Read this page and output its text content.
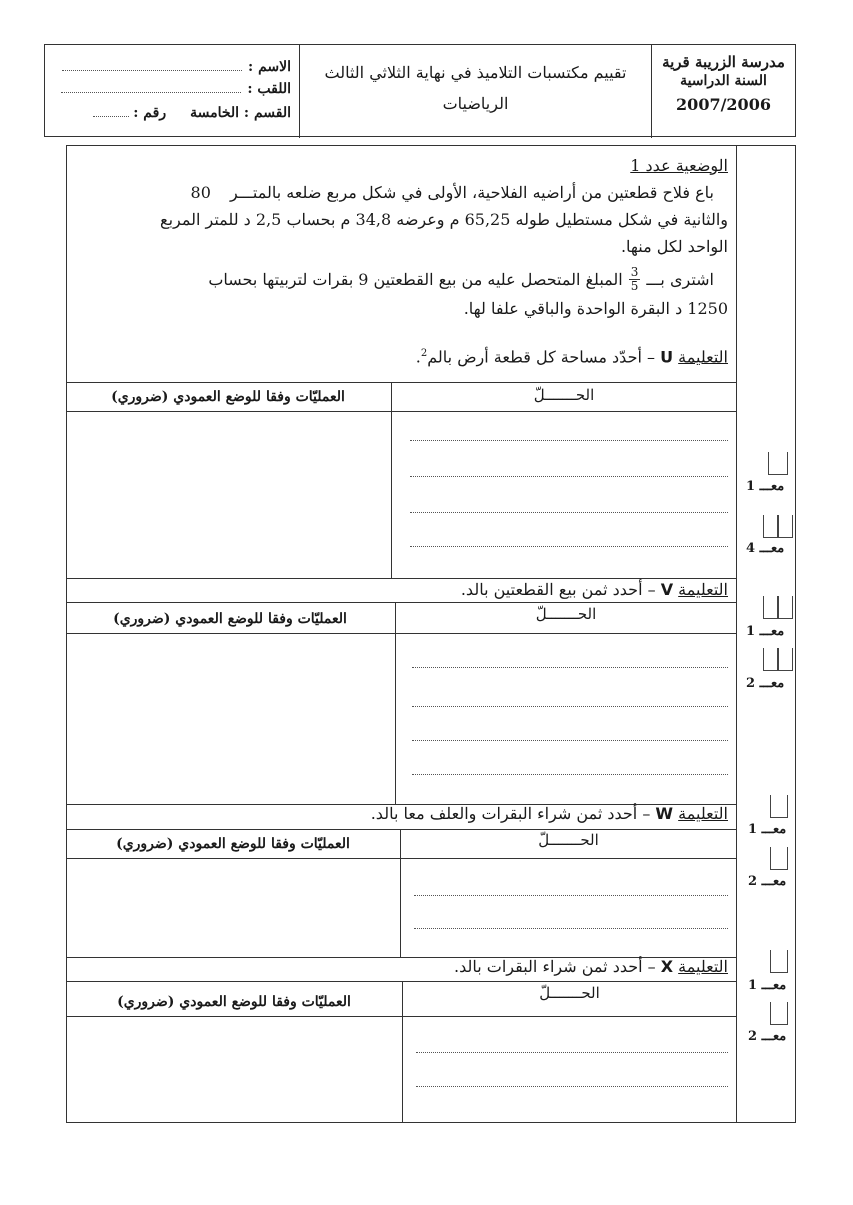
مدرسة الزريبة قرية
السنة الدراسية
2007/2006
تقييم مكتسبات التلاميذ في نهاية الثلاثي الثالث
الرياضيات
الاسم :
اللقب :
القسم : الخامسة
رقم :
الوضعية عدد 1
باع فلاح قطعتين من أراضيه الفلاحية، الأولى في شكل مربع ضلعه بالمتـــر 80
والثانية في شكل مستطيل طوله 65,25 م وعرضه 34,8 م بحساب 2,5 د للمتر المربع
الواحد لكل منها.
اشترى بـــ
$\frac{3}{5}$
المبلغ المتحصل عليه من بيع القطعتين
9
بقرات لتربيتها بحساب
1250 د البقرة الواحدة والباقي علفا لها.
التعليمة U – أحدّد مساحة كل قطعة أرض بالم$^2$.
الحـــــــلّ
العمليّات وفقا للوضع العمودي (ضروري)
التعليمة V – أحدد ثمن بيع القطعتين بالد.
الحـــــــلّ
العمليّات وفقا للوضع العمودي (ضروري)
التعليمة W – أحدد ثمن شراء البقرات والعلف معا بالد.
الحـــــــلّ
العمليّات وفقا للوضع العمودي (ضروري)
التعليمة X – أحدد ثمن شراء البقرات بالد.
الحـــــــلّ
العمليّات وفقا للوضع العمودي (ضروري)
معـــ 1
معـــ 4
معـــ 1
معـــ 2
معـــ 1
معـــ 2
معـــ 1
معـــ 2
